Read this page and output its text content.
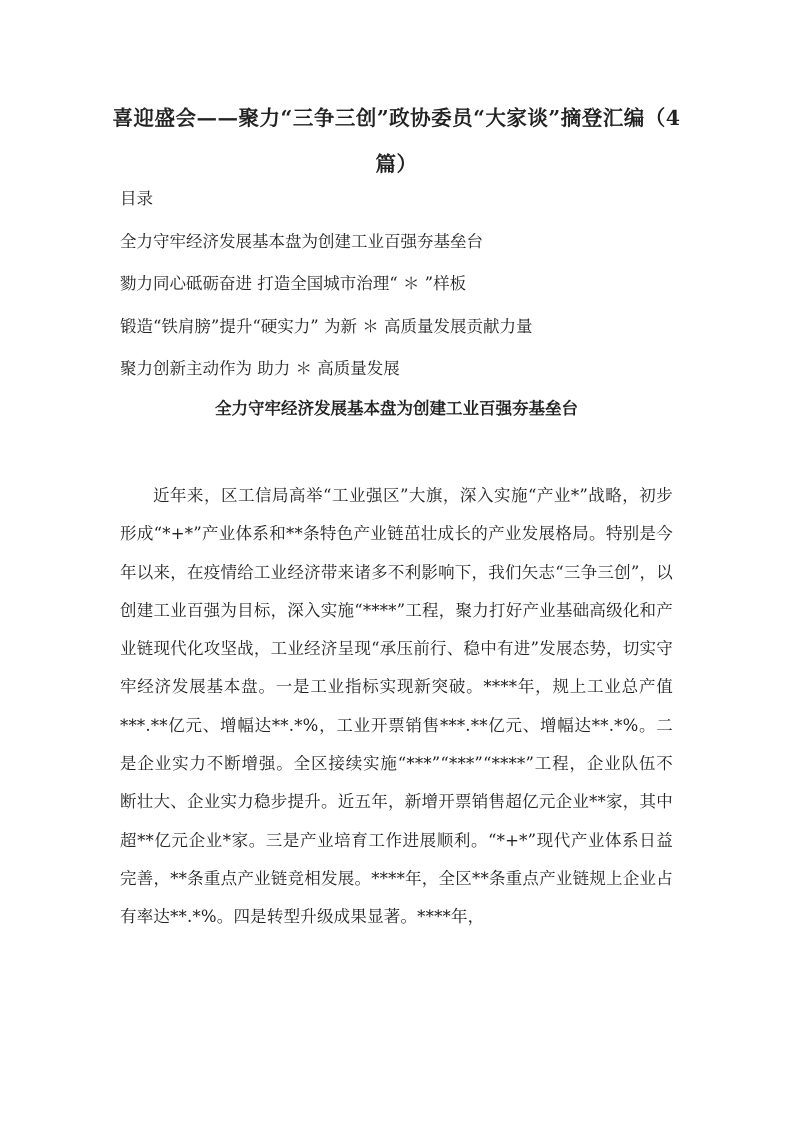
喜迎盛会——聚力“三争三创”政协委员“大家谈”摘登汇编（4篇）

目录

全力守牢经济发展基本盘为创建工业百强夯基垒台

勠力同心砥砺奋进 打造全国城市治理“ ＊ ”样板

锻造“铁肩膀”提升“硬实力” 为新 ＊ 高质量发展贡献力量

聚力创新主动作为 助力 ＊ 高质量发展

全力守牢经济发展基本盘为创建工业百强夯基垒台

近年来，区工信局高举“工业强区”大旗，深入实施“产业*”战略，初步形成“*+*”产业体系和**条特色产业链茁壮成长的产业发展格局。特别是今年以来，在疫情给工业经济带来诸多不利影响下，我们矢志“三争三创”，以创建工业百强为目标，深入实施“****”工程，聚力打好产业基础高级化和产业链现代化攻坚战，工业经济呈现“承压前行、稳中有进”发展态势，切实守牢经济发展基本盘。一是工业指标实现新突破。****年，规上工业总产值***.**亿元、增幅达**.*%，工业开票销售***.**亿元、增幅达**.*%。二是企业实力不断增强。全区接续实施“***”“***”“****”工程，企业队伍不断壮大、企业实力稳步提升。近五年，新增开票销售超亿元企业**家，其中超**亿元企业*家。三是产业培育工作进展顺利。“*+*”现代产业体系日益完善，**条重点产业链竞相发展。****年，全区**条重点产业链规上企业占有率达**.*%。四是转型升级成果显著。****年，
